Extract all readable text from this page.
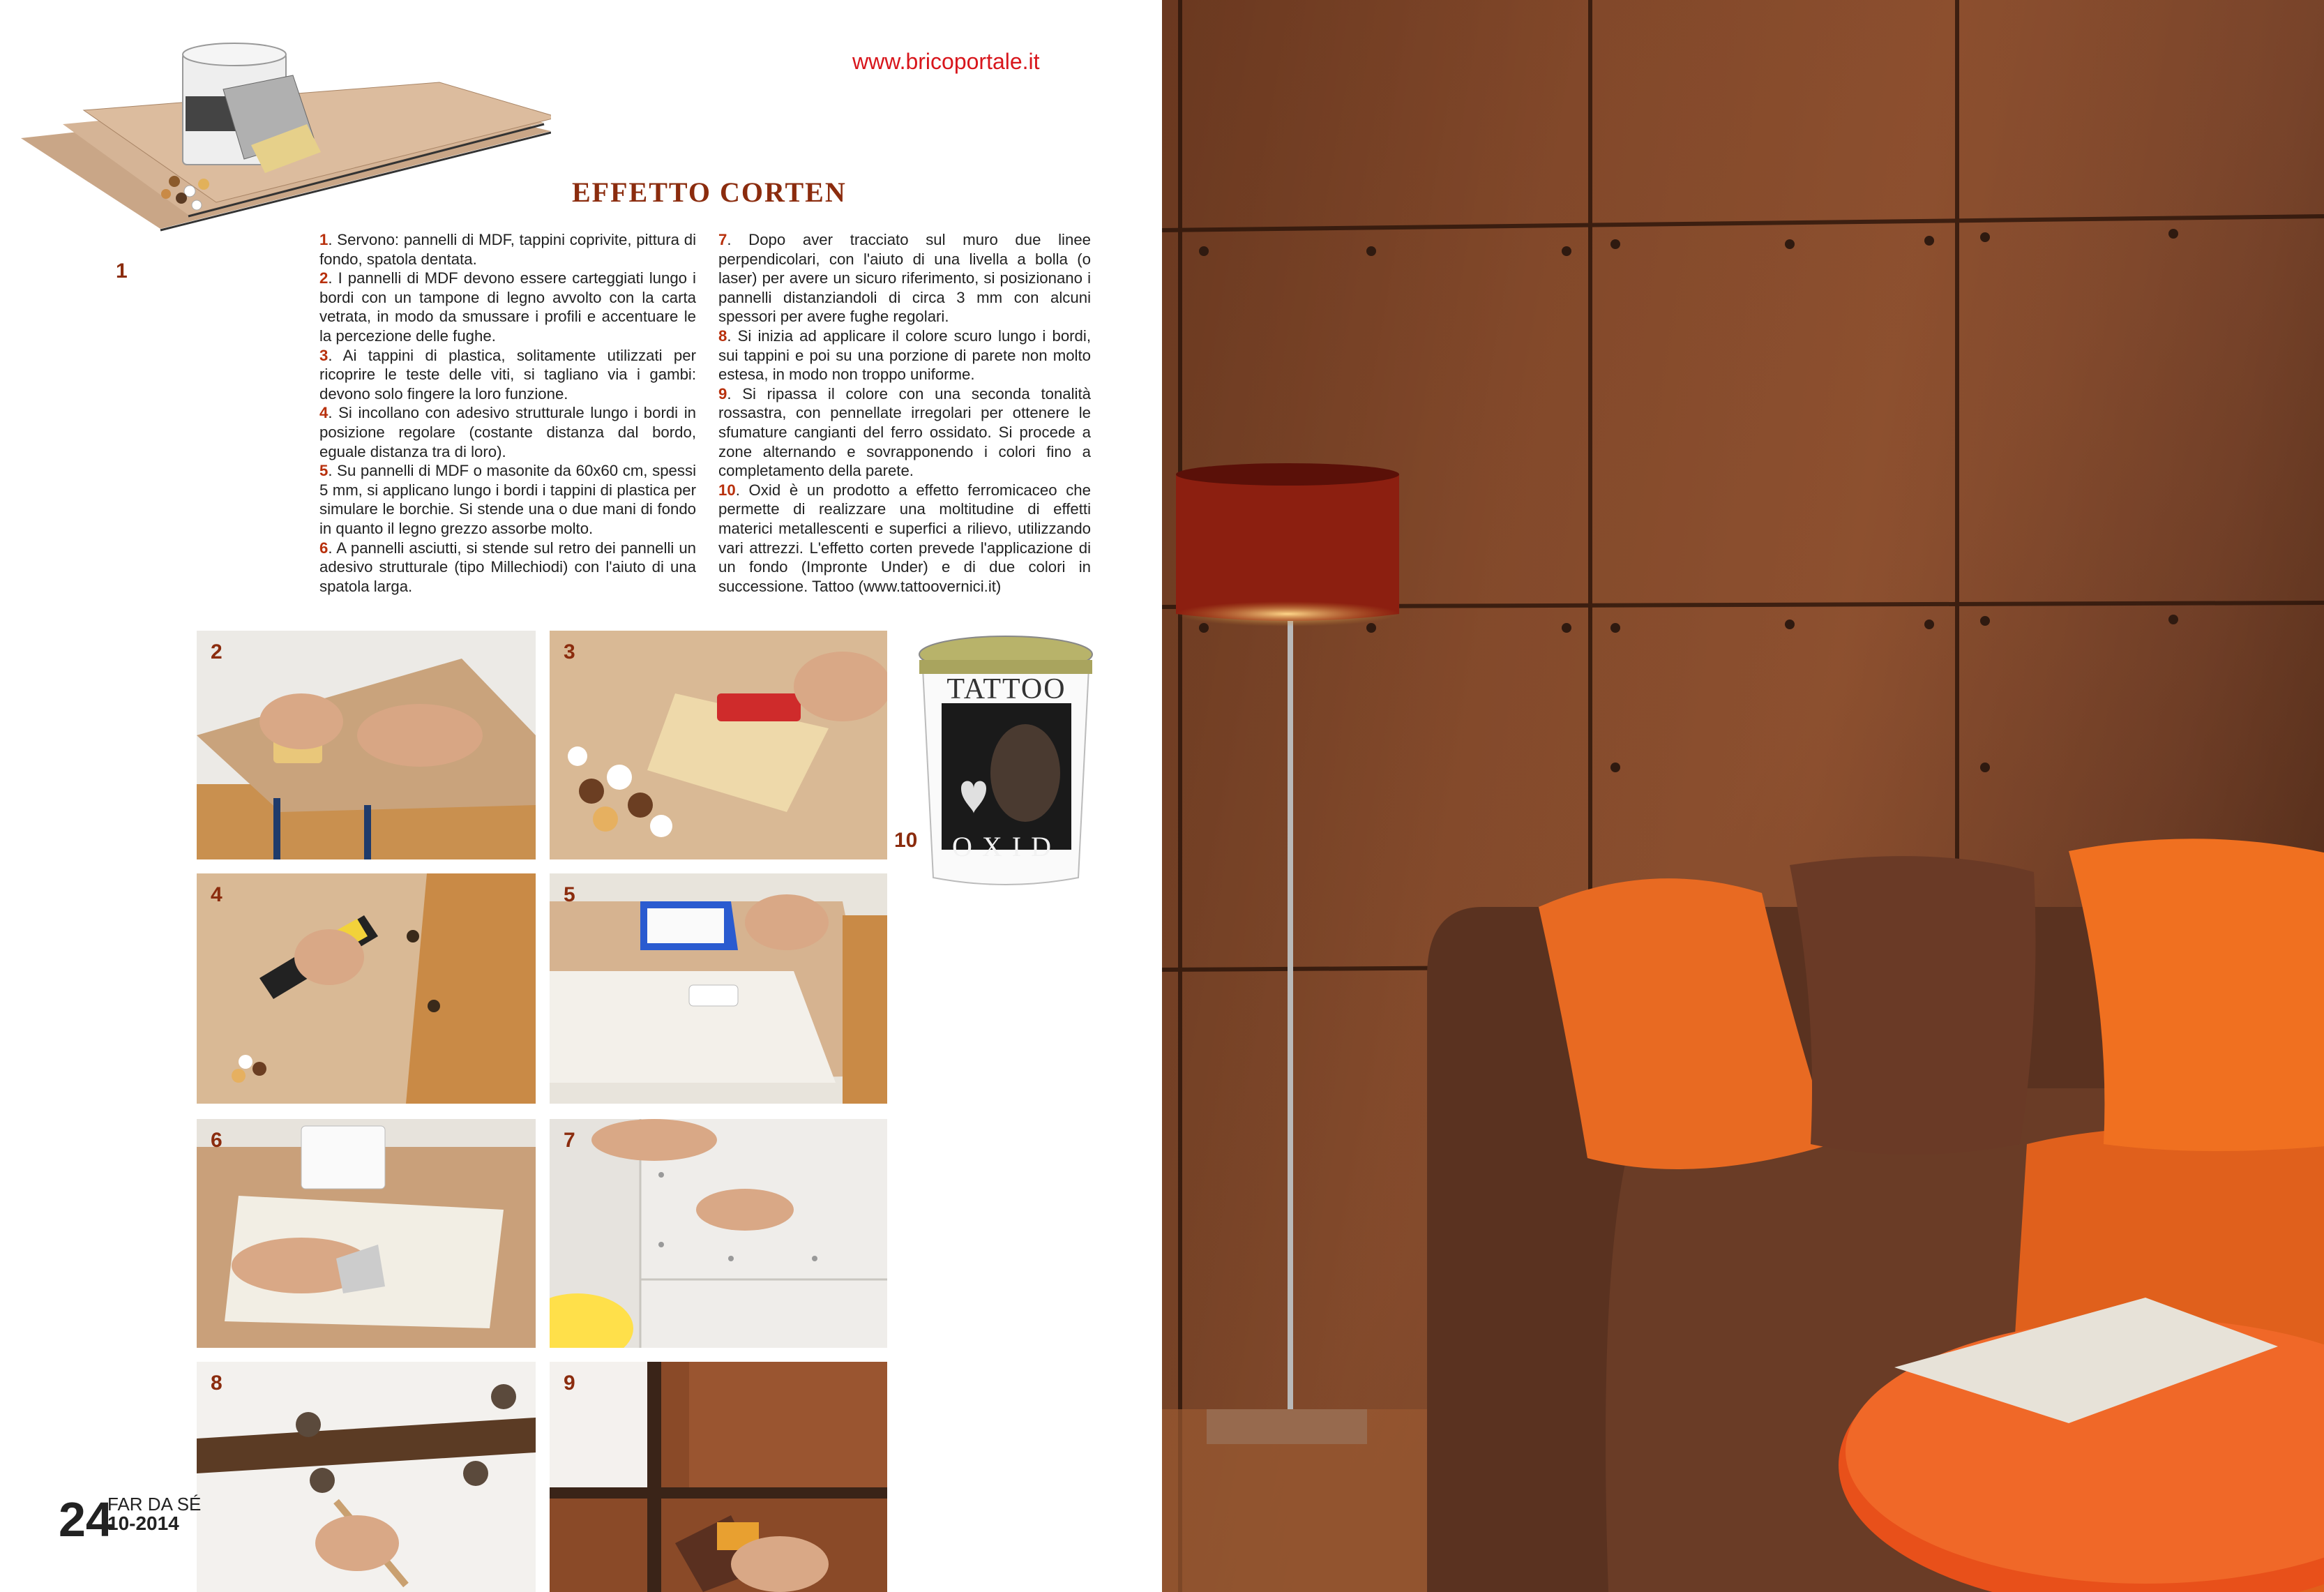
www.bricoportale.it
1
EFFETTO CORTEN

1. Servono: pannelli di MDF, tappini coprivite, pittura di fondo, spatola dentata.

2. I pannelli di MDF devono essere carteggiati lungo i bordi con un tampone di legno avvolto con la carta vetrata, in modo da smussare i profili e accentuare le la percezione delle fughe.

3. Ai tappini di plastica, solitamente utilizzati per ricoprire le teste delle viti, si tagliano via i gambi: devono solo fingere la loro funzione.

4. Si incollano con adesivo strutturale lungo i bordi in posizione regolare (costante distanza dal bordo, eguale distanza tra di loro).

5. Su pannelli di MDF o masonite da 60x60 cm, spessi 5 mm, si applicano lungo i bordi i tappini di plastica per simulare le borchie. Si stende una o due mani di fondo in quanto il legno grezzo assorbe molto.

6. A pannelli asciutti, si stende sul retro dei pannelli un adesivo strutturale (tipo Millechiodi) con l'aiuto di una spatola larga.

7. Dopo aver tracciato sul muro due linee perpendicolari, con l'aiuto di una livella a bolla (o laser) per avere un sicuro riferimento, si posizionano i pannelli distanziandoli di circa 3 mm con alcuni spessori per avere fughe regolari.

8. Si inizia ad applicare il colore scuro lungo i bordi, sui tappini e poi su una porzione di parete non molto estesa, in modo non troppo uniforme.

9. Si ripassa il colore con una seconda tonalità rossastra, con pennellate irregolari per ottenere le sfumature cangianti del ferro ossidato. Si procede a zone alternando e sovrapponendo i colori fino a completamento della parete.

10. Oxid è un prodotto a effetto ferromicaceo che permette di realizzare una moltitudine di effetti materici metallescenti e superfici a rilievo, utilizzando vari attrezzi. L'effetto corten prevede l'applicazione di un fondo (Impronte Under) e di due colori in successione. Tattoo (www.tattoovernici.it)

2	3
4	5
6	7
8	9
TATTOO
OXID
10
24
FAR DA SÉ
10-2014
